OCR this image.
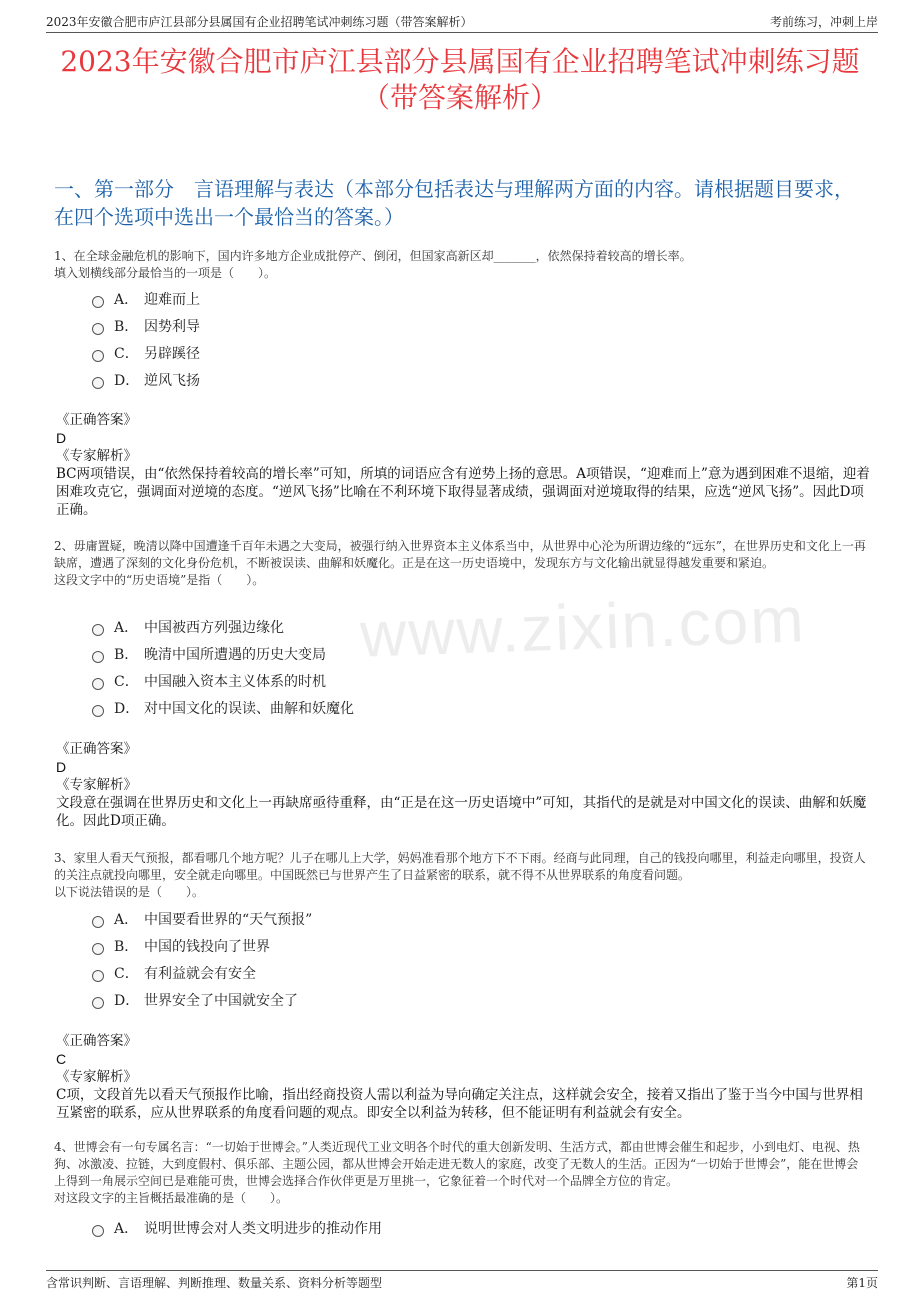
2023年安徽合肥市庐江县部分县属国有企业招聘笔试冲刺练习题（带答案解析）	考前练习，冲刺上岸
2023年安徽合肥市庐江县部分县属国有企业招聘笔试冲刺练习题（带答案解析）
一、第一部分　言语理解与表达（本部分包括表达与理解两方面的内容。请根据题目要求，在四个选项中选出一个最恰当的答案。）
www.zixin.com
1、在全球金融危机的影响下，国内许多地方企业成批停产、倒闭，但国家高新区却_______，依然保持着较高的增长率。
填入划横线部分最恰当的一项是（　　）。
A． 迎难而上
B． 因势利导
C． 另辟蹊径
D． 逆风飞扬
《正确答案》
D
《专家解析》
BC两项错误，由“依然保持着较高的增长率”可知，所填的词语应含有逆势上扬的意思。A项错误，“迎难而上”意为遇到困难不退缩，迎着困难攻克它，强调面对逆境的态度。“逆风飞扬”比喻在不利环境下取得显著成绩，强调面对逆境取得的结果，应选“逆风飞扬”。因此D项正确。
2、毋庸置疑，晚清以降中国遭逢千百年未遇之大变局，被强行纳入世界资本主义体系当中，从世界中心沦为所谓边缘的“远东”，在世界历史和文化上一再缺席，遭遇了深刻的文化身份危机，不断被误读、曲解和妖魔化。正是在这一历史语境中，发现东方与文化输出就显得越发重要和紧迫。
这段文字中的“历史语境”是指（　　）。
A． 中国被西方列强边缘化
B． 晚清中国所遭遇的历史大变局
C． 中国融入资本主义体系的时机
D． 对中国文化的误读、曲解和妖魔化
《正确答案》
D
《专家解析》
文段意在强调在世界历史和文化上一再缺席亟待重释，由“正是在这一历史语境中”可知，其指代的是就是对中国文化的误读、曲解和妖魔化。因此D项正确。
3、家里人看天气预报，都看哪几个地方呢？儿子在哪儿上大学，妈妈准看那个地方下不下雨。经商与此同理，自己的钱投向哪里，利益走向哪里，投资人的关注点就投向哪里，安全就走向哪里。中国既然已与世界产生了日益紧密的联系，就不得不从世界联系的角度看问题。
以下说法错误的是（　　）。
A． 中国要看世界的“天气预报”
B． 中国的钱投向了世界
C． 有利益就会有安全
D． 世界安全了中国就安全了
《正确答案》
C
《专家解析》
C项，文段首先以看天气预报作比喻，指出经商投资人需以利益为导向确定关注点，这样就会安全，接着又指出了鉴于当今中国与世界相互紧密的联系，应从世界联系的角度看问题的观点。即安全以利益为转移，但不能证明有利益就会有安全。
4、世博会有一句专属名言：“一切始于世博会。”人类近现代工业文明各个时代的重大创新发明、生活方式，都由世博会催生和起步，小到电灯、电视、热狗、冰激凌、拉链，大到度假村、俱乐部、主题公园，都从世博会开始走进无数人的家庭，改变了无数人的生活。正因为“一切始于世博会”，能在世博会上得到一角展示空间已是难能可贵，世博会选择合作伙伴更是万里挑一，它象征着一个时代对一个品牌全方位的肯定。
对这段文字的主旨概括最准确的是（　　）。
A． 说明世博会对人类文明进步的推动作用
含常识判断、言语理解、判断推理、数量关系、资料分析等题型	第1页
